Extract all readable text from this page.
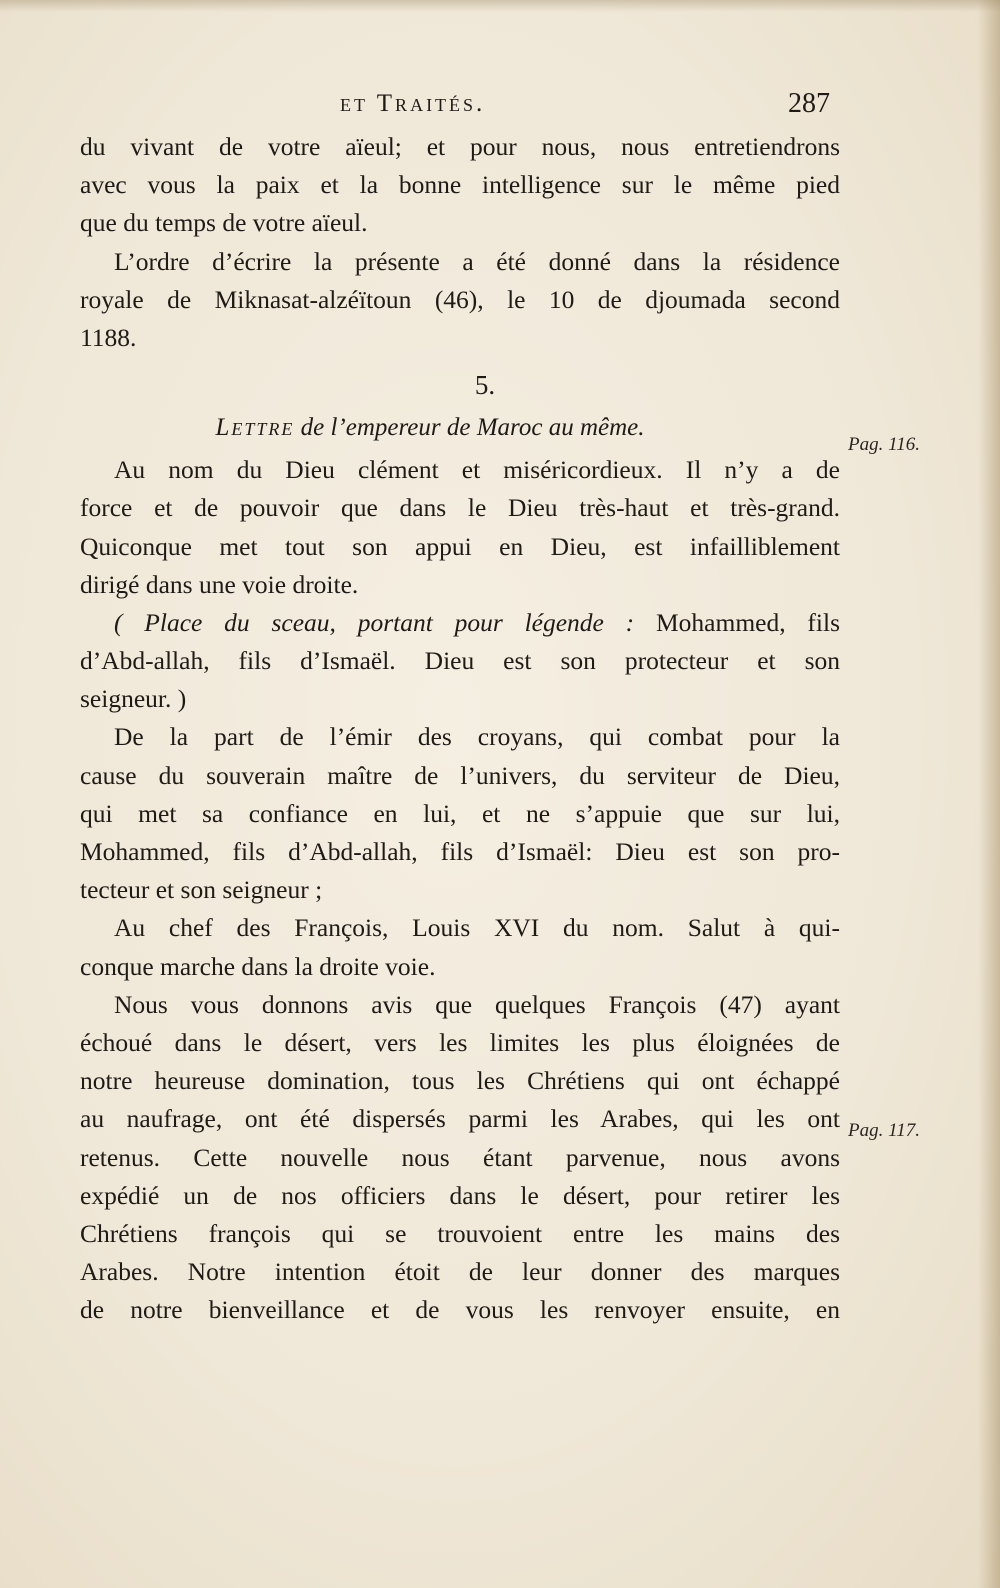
et Traités.	287
du vivant de votre aïeul; et pour nous, nous entretiendrons
avec vous la paix et la bonne intelligence sur le même pied
que du temps de votre aïeul.
L’ordre d’écrire la présente a été donné dans la résidence
royale de Miknasat-alzéïtoun (46), le 10 de djoumada second
1188.
5.
Lettre de l’empereur de Maroc au même.
Au nom du Dieu clément et miséricordieux. Il n’y a de
force et de pouvoir que dans le Dieu très-haut et très-grand.
Quiconque met tout son appui en Dieu, est infailliblement
dirigé dans une voie droite.
( Place du sceau, portant pour légende : Mohammed, fils
d’Abd-allah, fils d’Ismaël. Dieu est son protecteur et son
seigneur. )
De la part de l’émir des croyans, qui combat pour la
cause du souverain maître de l’univers, du serviteur de Dieu,
qui met sa confiance en lui, et ne s’appuie que sur lui,
Mohammed, fils d’Abd-allah, fils d’Ismaël: Dieu est son pro-
tecteur et son seigneur ;
Au chef des François, Louis XVI du nom. Salut à qui-
conque marche dans la droite voie.
Nous vous donnons avis que quelques François (47) ayant
échoué dans le désert, vers les limites les plus éloignées de
notre heureuse domination, tous les Chrétiens qui ont échappé
au naufrage, ont été dispersés parmi les Arabes, qui les ont
retenus. Cette nouvelle nous étant parvenue, nous avons
expédié un de nos officiers dans le désert, pour retirer les
Chrétiens françois qui se trouvoient entre les mains des
Arabes. Notre intention étoit de leur donner des marques
de notre bienveillance et de vous les renvoyer ensuite, en
Pag. 116.
Pag. 117.
